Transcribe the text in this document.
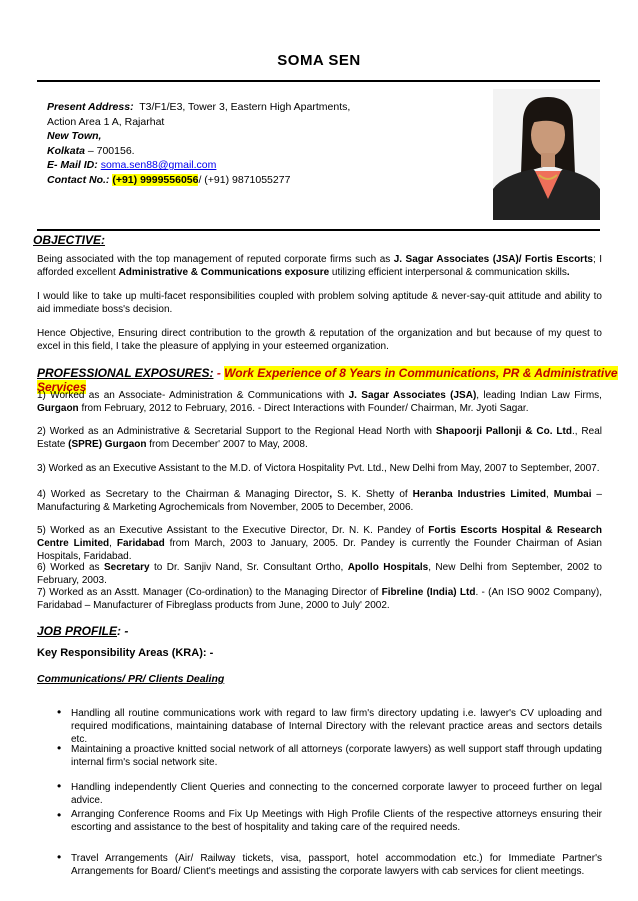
SOMA SEN
Present Address: T3/F1/E3, Tower 3, Eastern High Apartments,
Action Area 1 A, Rajarhat
New Town,
Kolkata – 700156.
E- Mail ID: soma.sen88@gmail.com
Contact No.: (+91) 9999556056/ (+91) 9871055277
OBJECTIVE:
Being associated with the top management of reputed corporate firms such as J. Sagar Associates (JSA)/ Fortis Escorts; I afforded excellent Administrative & Communications exposure utilizing efficient interpersonal & communication skills.
I would like to take up multi-facet responsibilities coupled with problem solving aptitude & never-say-quit attitude and ability to aid immediate boss's decision.
Hence Objective, Ensuring direct contribution to the growth & reputation of the organization and but because of my quest to excel in this field, I take the pleasure of applying in your esteemed organization.
PROFESSIONAL EXPOSURES: - Work Experience of 8 Years in Communications, PR & Administrative Services
1) Worked as an Associate- Administration & Communications with J. Sagar Associates (JSA), leading Indian Law Firms, Gurgaon from February, 2012 to February, 2016. - Direct Interactions with Founder/ Chairman, Mr. Jyoti Sagar.
2) Worked as an Administrative & Secretarial Support to the Regional Head North with Shapoorji Pallonji & Co. Ltd., Real Estate (SPRE) Gurgaon from December' 2007 to May, 2008.
3) Worked as an Executive Assistant to the M.D. of Victora Hospitality Pvt. Ltd., New Delhi from May, 2007 to September, 2007.
4) Worked as Secretary to the Chairman & Managing Director, S. K. Shetty of Heranba Industries Limited, Mumbai – Manufacturing & Marketing Agrochemicals from November, 2005 to December, 2006.
5) Worked as an Executive Assistant to the Executive Director, Dr. N. K. Pandey of Fortis Escorts Hospital & Research Centre Limited, Faridabad from March, 2003 to January, 2005. Dr. Pandey is currently the Founder Chairman of Asian Hospitals, Faridabad.
6) Worked as Secretary to Dr. Sanjiv Nand, Sr. Consultant Ortho, Apollo Hospitals, New Delhi from September, 2002 to February, 2003.
7) Worked as an Asstt. Manager (Co-ordination) to the Managing Director of Fibreline (India) Ltd. - (An ISO 9002 Company), Faridabad – Manufacturer of Fibreglass products from June, 2000 to July' 2002.
JOB PROFILE: -
Key Responsibility Areas (KRA): -
Communications/ PR/ Clients Dealing
• Handling all routine communications work with regard to law firm's directory updating i.e. lawyer's CV uploading and required modifications, maintaining database of Internal Directory with the relevant practice areas and sectors details etc.
• Maintaining a proactive knitted social network of all attorneys (corporate lawyers) as well support staff through updating internal firm's social network site.
• Handling independently Client Queries and connecting to the concerned corporate lawyer to proceed further on legal advice.
• Arranging Conference Rooms and Fix Up Meetings with High Profile Clients of the respective attorneys ensuring their escorting and assistance to the best of hospitality and taking care of the required needs.
• Travel Arrangements (Air/ Railway tickets, visa, passport, hotel accommodation etc.) for Immediate Partner's Arrangements for Board/ Client's meetings and assisting the corporate lawyers with cab services for client meetings.
